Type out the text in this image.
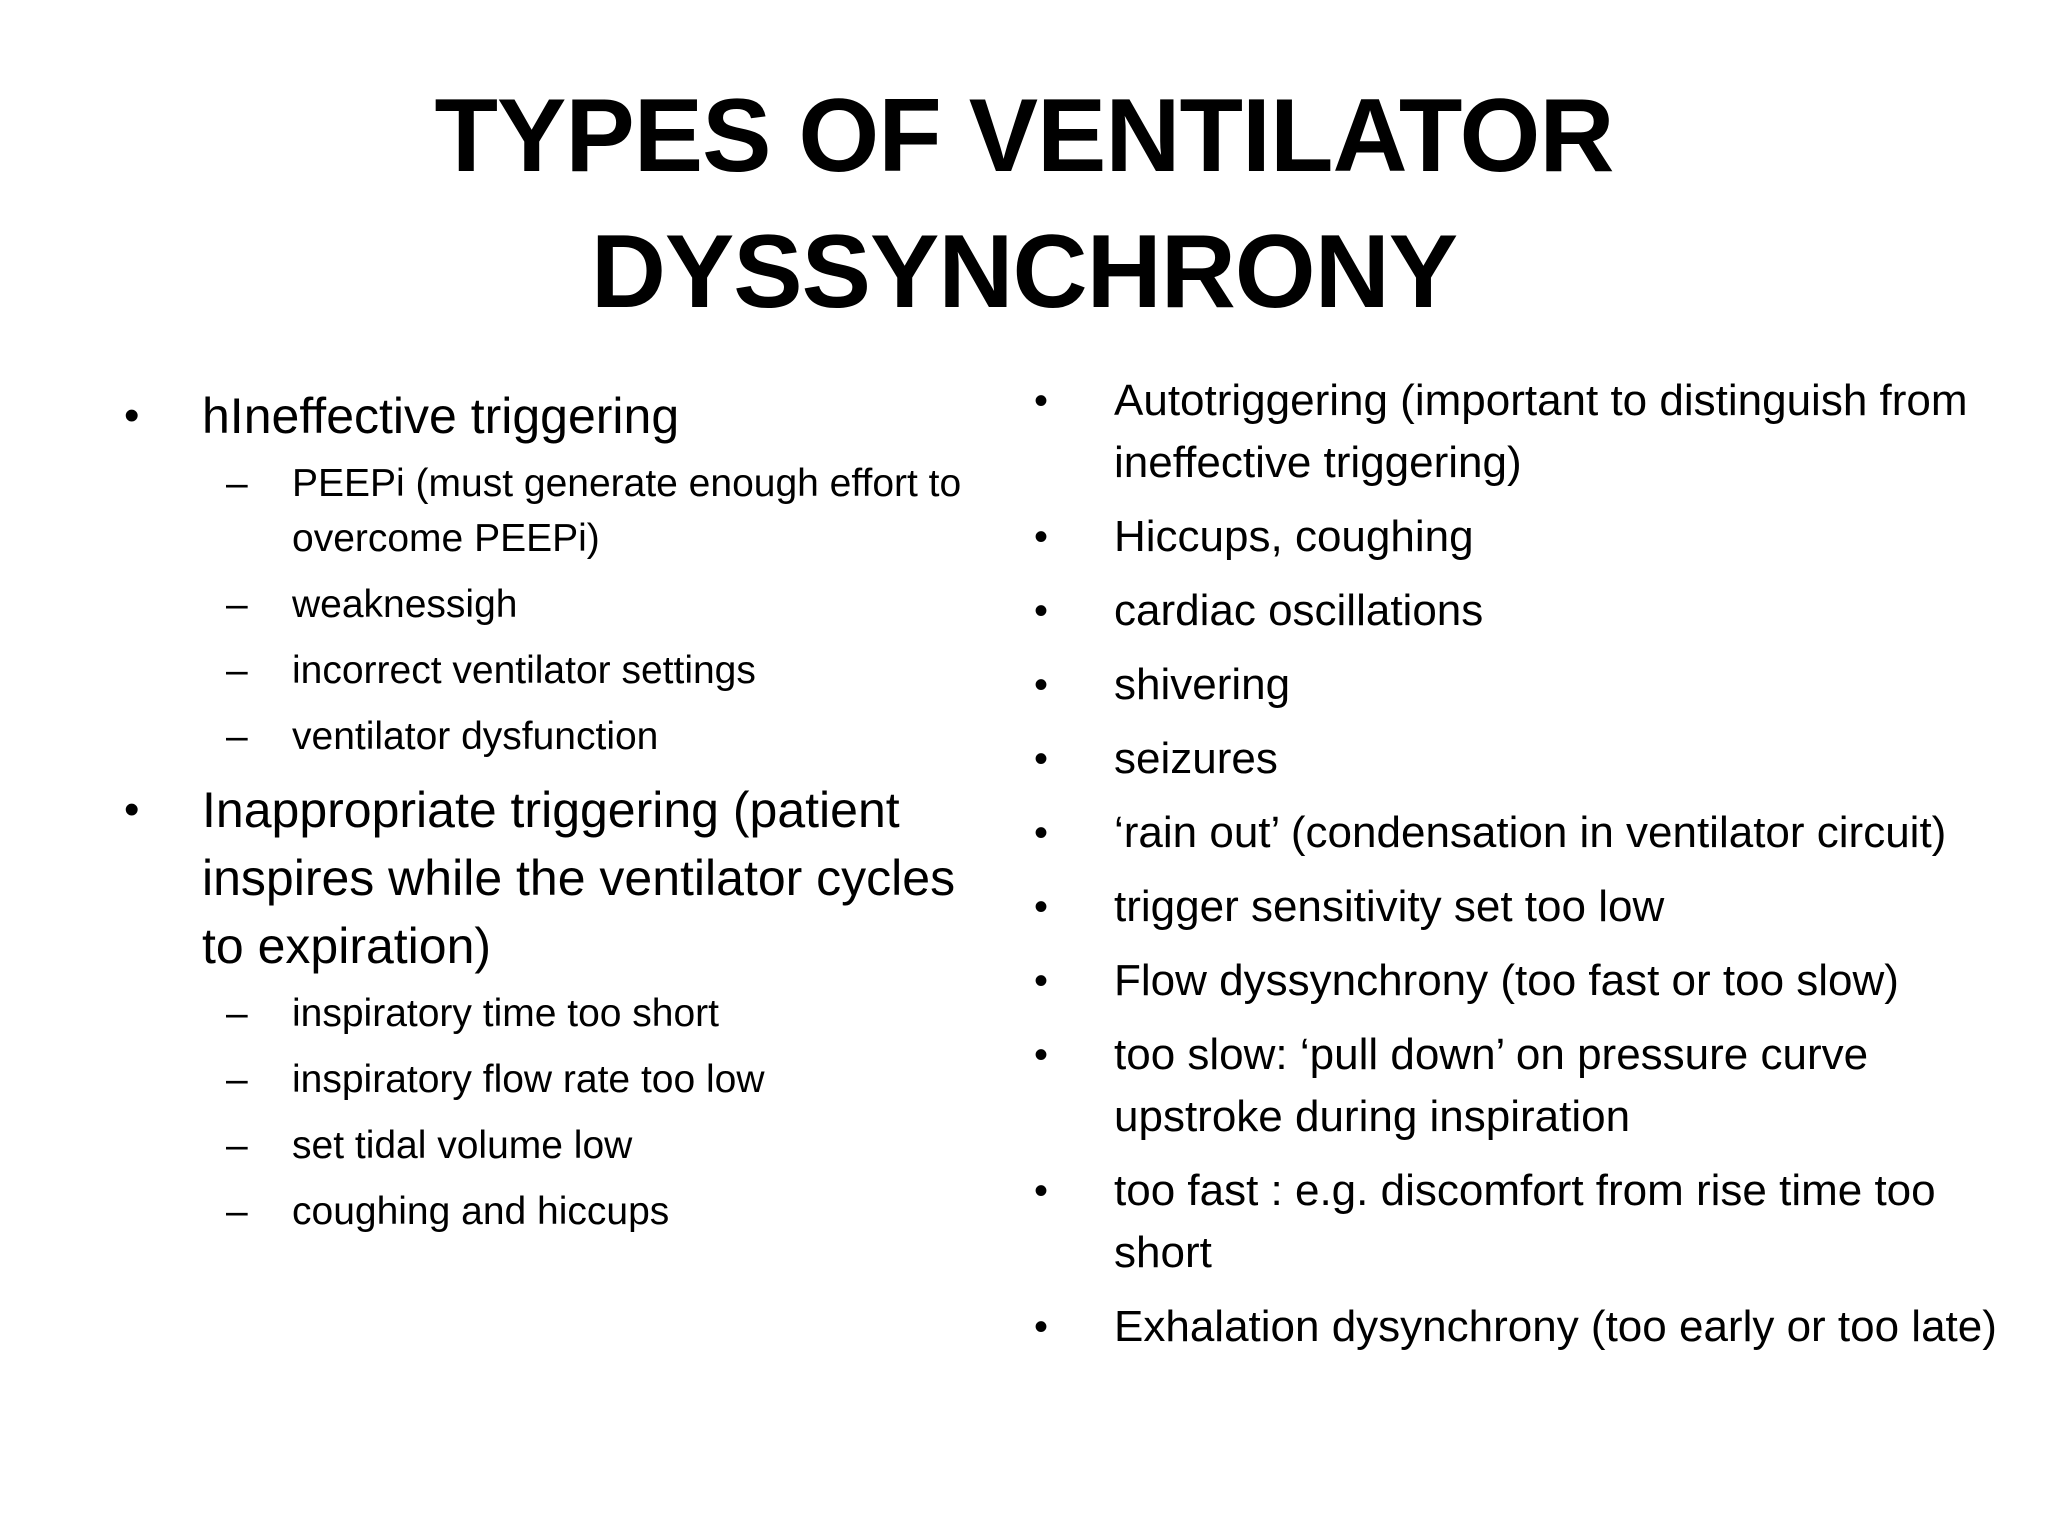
TYPES OF VENTILATOR
DYSSYNCHRONY
• hIneffective triggering
– PEEPi (must generate enough effort to overcome PEEPi)
– weaknessigh
– incorrect ventilator settings
– ventilator dysfunction
• Inappropriate triggering (patient inspires while the ventilator cycles to expiration)
– inspiratory time too short
– inspiratory flow rate too low
– set tidal volume low
– coughing and hiccups
• Autotriggering (important to distinguish from ineffective triggering)
• Hiccups, coughing
• cardiac oscillations
• shivering
• seizures
• ‘rain out’ (condensation in ventilator circuit)
• trigger sensitivity set too low
• Flow dyssynchrony (too fast or too slow)
• too slow: ‘pull down’ on pressure curve upstroke during inspiration
• too fast : e.g. discomfort from rise time too short
• Exhalation dysynchrony (too early or too late)
